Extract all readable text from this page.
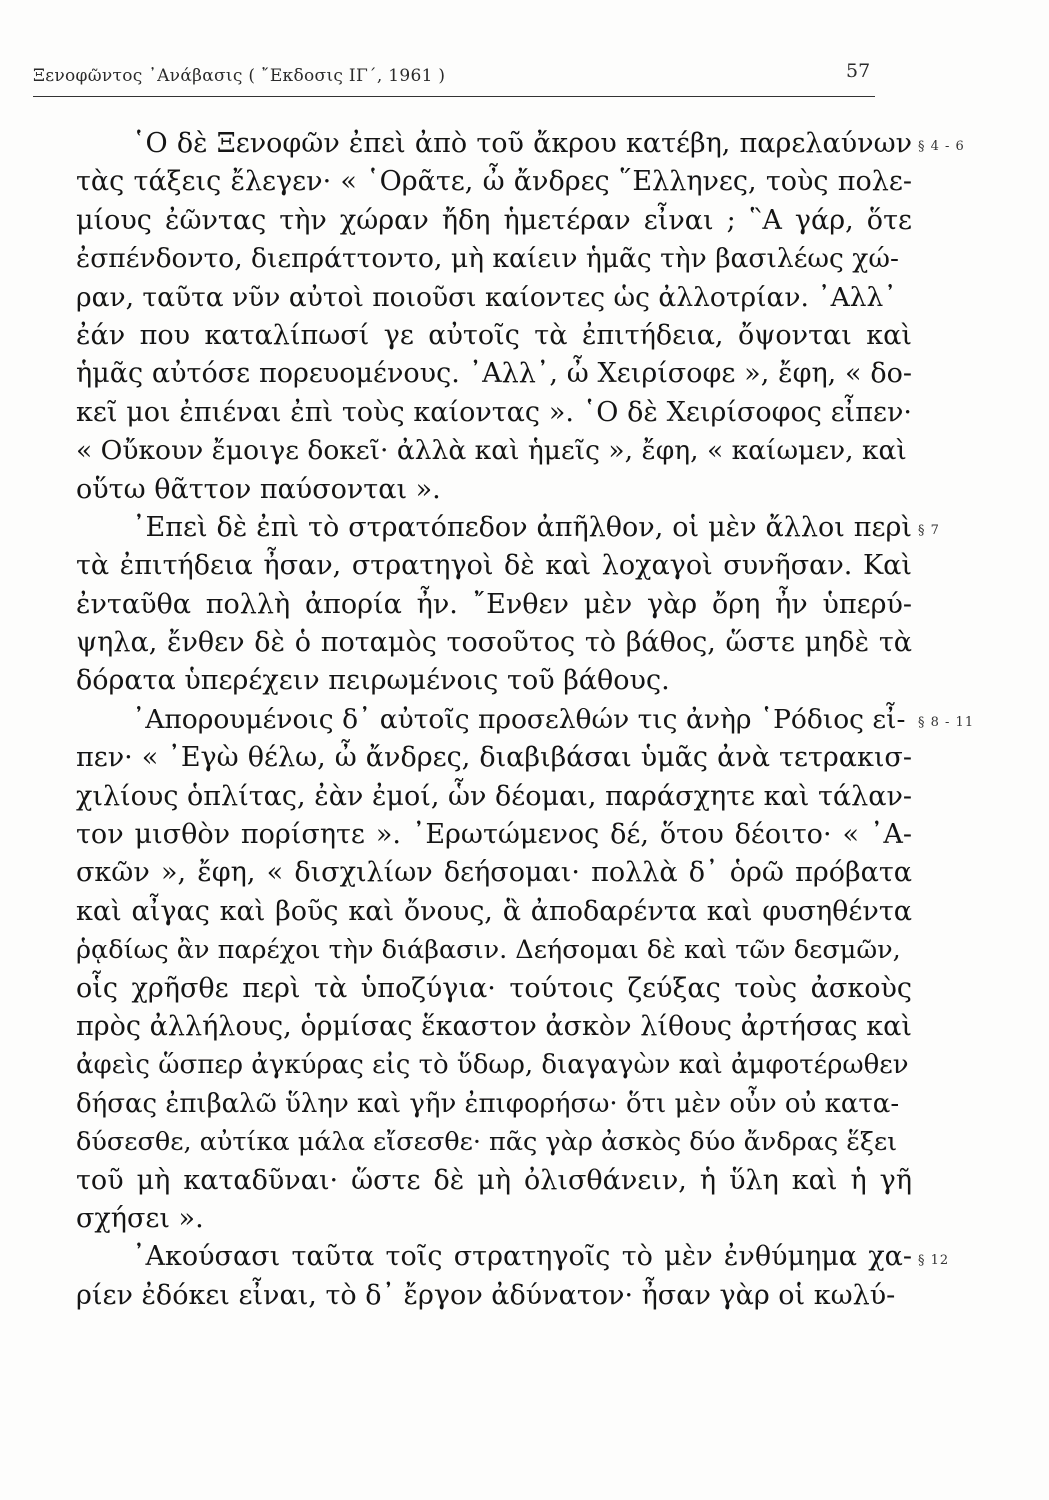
Ξενοφῶντος ᾿Ανάβασις ( ῎Εκδοσις ΙΓ΄, 1961 )	57
῾Ο δὲ Ξενοφῶν ἐπεὶ ἀπὸ τοῦ ἄκρου κατέβη, παρελαύνων
τὰς τάξεις ἔλεγεν· « ῾Ορᾶτε, ὦ ἄνδρες ῞Ελληνες, τοὺς πολε-
μίους ἐῶντας τὴν χώραν ἤδη ἡμετέραν εἶναι ; ῝Α γάρ, ὅτε
ἐσπένδοντο, διεπράττοντο, μὴ καίειν ἡμᾶς τὴν βασιλέως χώ-
ραν, ταῦτα νῦν αὐτοὶ ποιοῦσι καίοντες ὡς ἀλλοτρίαν. ᾿Αλλ᾿
ἐάν που καταλίπωσί γε αὐτοῖς τὰ ἐπιτήδεια, ὄψονται καὶ
ἡμᾶς αὐτόσε πορευομένους. ᾿Αλλ᾿, ὦ Χειρίσοφε », ἔφη, « δο-
κεῖ μοι ἐπιέναι ἐπὶ τοὺς καίοντας ». ῾Ο δὲ Χειρίσοφος εἶπεν·
« Οὔκουν ἔμοιγε δοκεῖ· ἀλλὰ καὶ ἡμεῖς », ἔφη, « καίωμεν, καὶ
οὕτω θᾶττον παύσονται ».
᾿Επεὶ δὲ ἐπὶ τὸ στρατόπεδον ἀπῆλθον, οἱ μὲν ἄλλοι περὶ
τὰ ἐπιτήδεια ἦσαν, στρατηγοὶ δὲ καὶ λοχαγοὶ συνῆσαν. Καὶ
ἐνταῦθα πολλὴ ἀπορία ἦν. ῎Ενθεν μὲν γὰρ ὄρη ἦν ὑπερύ-
ψηλα, ἔνθεν δὲ ὁ ποταμὸς τοσοῦτος τὸ βάθος, ὥστε μηδὲ τὰ
δόρατα ὑπερέχειν πειρωμένοις τοῦ βάθους.
᾿Απορουμένοις δ᾿ αὐτοῖς προσελθών τις ἀνὴρ ῾Ρόδιος εἶ-
πεν· « ᾿Εγὼ θέλω, ὦ ἄνδρες, διαβιβάσαι ὑμᾶς ἀνὰ τετρακισ-
χιλίους ὁπλίτας, ἐὰν ἐμοί, ὧν δέομαι, παράσχητε καὶ τάλαν-
τον μισθὸν πορίσητε ». ᾿Ερωτώμενος δέ, ὅτου δέοιτο· « ᾿Α-
σκῶν », ἔφη, « δισχιλίων δεήσομαι· πολλὰ δ᾿ ὁρῶ πρόβατα
καὶ αἶγας καὶ βοῦς καὶ ὄνους, ἃ ἀποδαρέντα καὶ φυσηθέντα
ῥᾳδίως ἂν παρέχοι τὴν διάβασιν. Δεήσομαι δὲ καὶ τῶν δεσμῶν,
οἷς χρῆσθε περὶ τὰ ὑποζύγια· τούτοις ζεύξας τοὺς ἀσκοὺς
πρὸς ἀλλήλους, ὁρμίσας ἕκαστον ἀσκὸν λίθους ἀρτήσας καὶ
ἀφεὶς ὥσπερ ἀγκύρας εἰς τὸ ὕδωρ, διαγαγὼν καὶ ἀμφοτέρωθεν
δήσας ἐπιβαλῶ ὕλην καὶ γῆν ἐπιφορήσω· ὅτι μὲν οὖν οὐ κατα-
δύσεσθε, αὐτίκα μάλα εἴσεσθε· πᾶς γὰρ ἀσκὸς δύο ἄνδρας ἕξει
τοῦ μὴ καταδῦναι· ὥστε δὲ μὴ ὀλισθάνειν, ἡ ὕλη καὶ ἡ γῆ
σχήσει ».
᾿Ακούσασι ταῦτα τοῖς στρατηγοῖς τὸ μὲν ἐνθύμημα χα-
ρίεν ἐδόκει εἶναι, τὸ δ᾿ ἔργον ἀδύνατον· ἦσαν γὰρ οἱ κωλύ-
§ 4 - 6
§ 7
§ 8 - 11
§ 12
